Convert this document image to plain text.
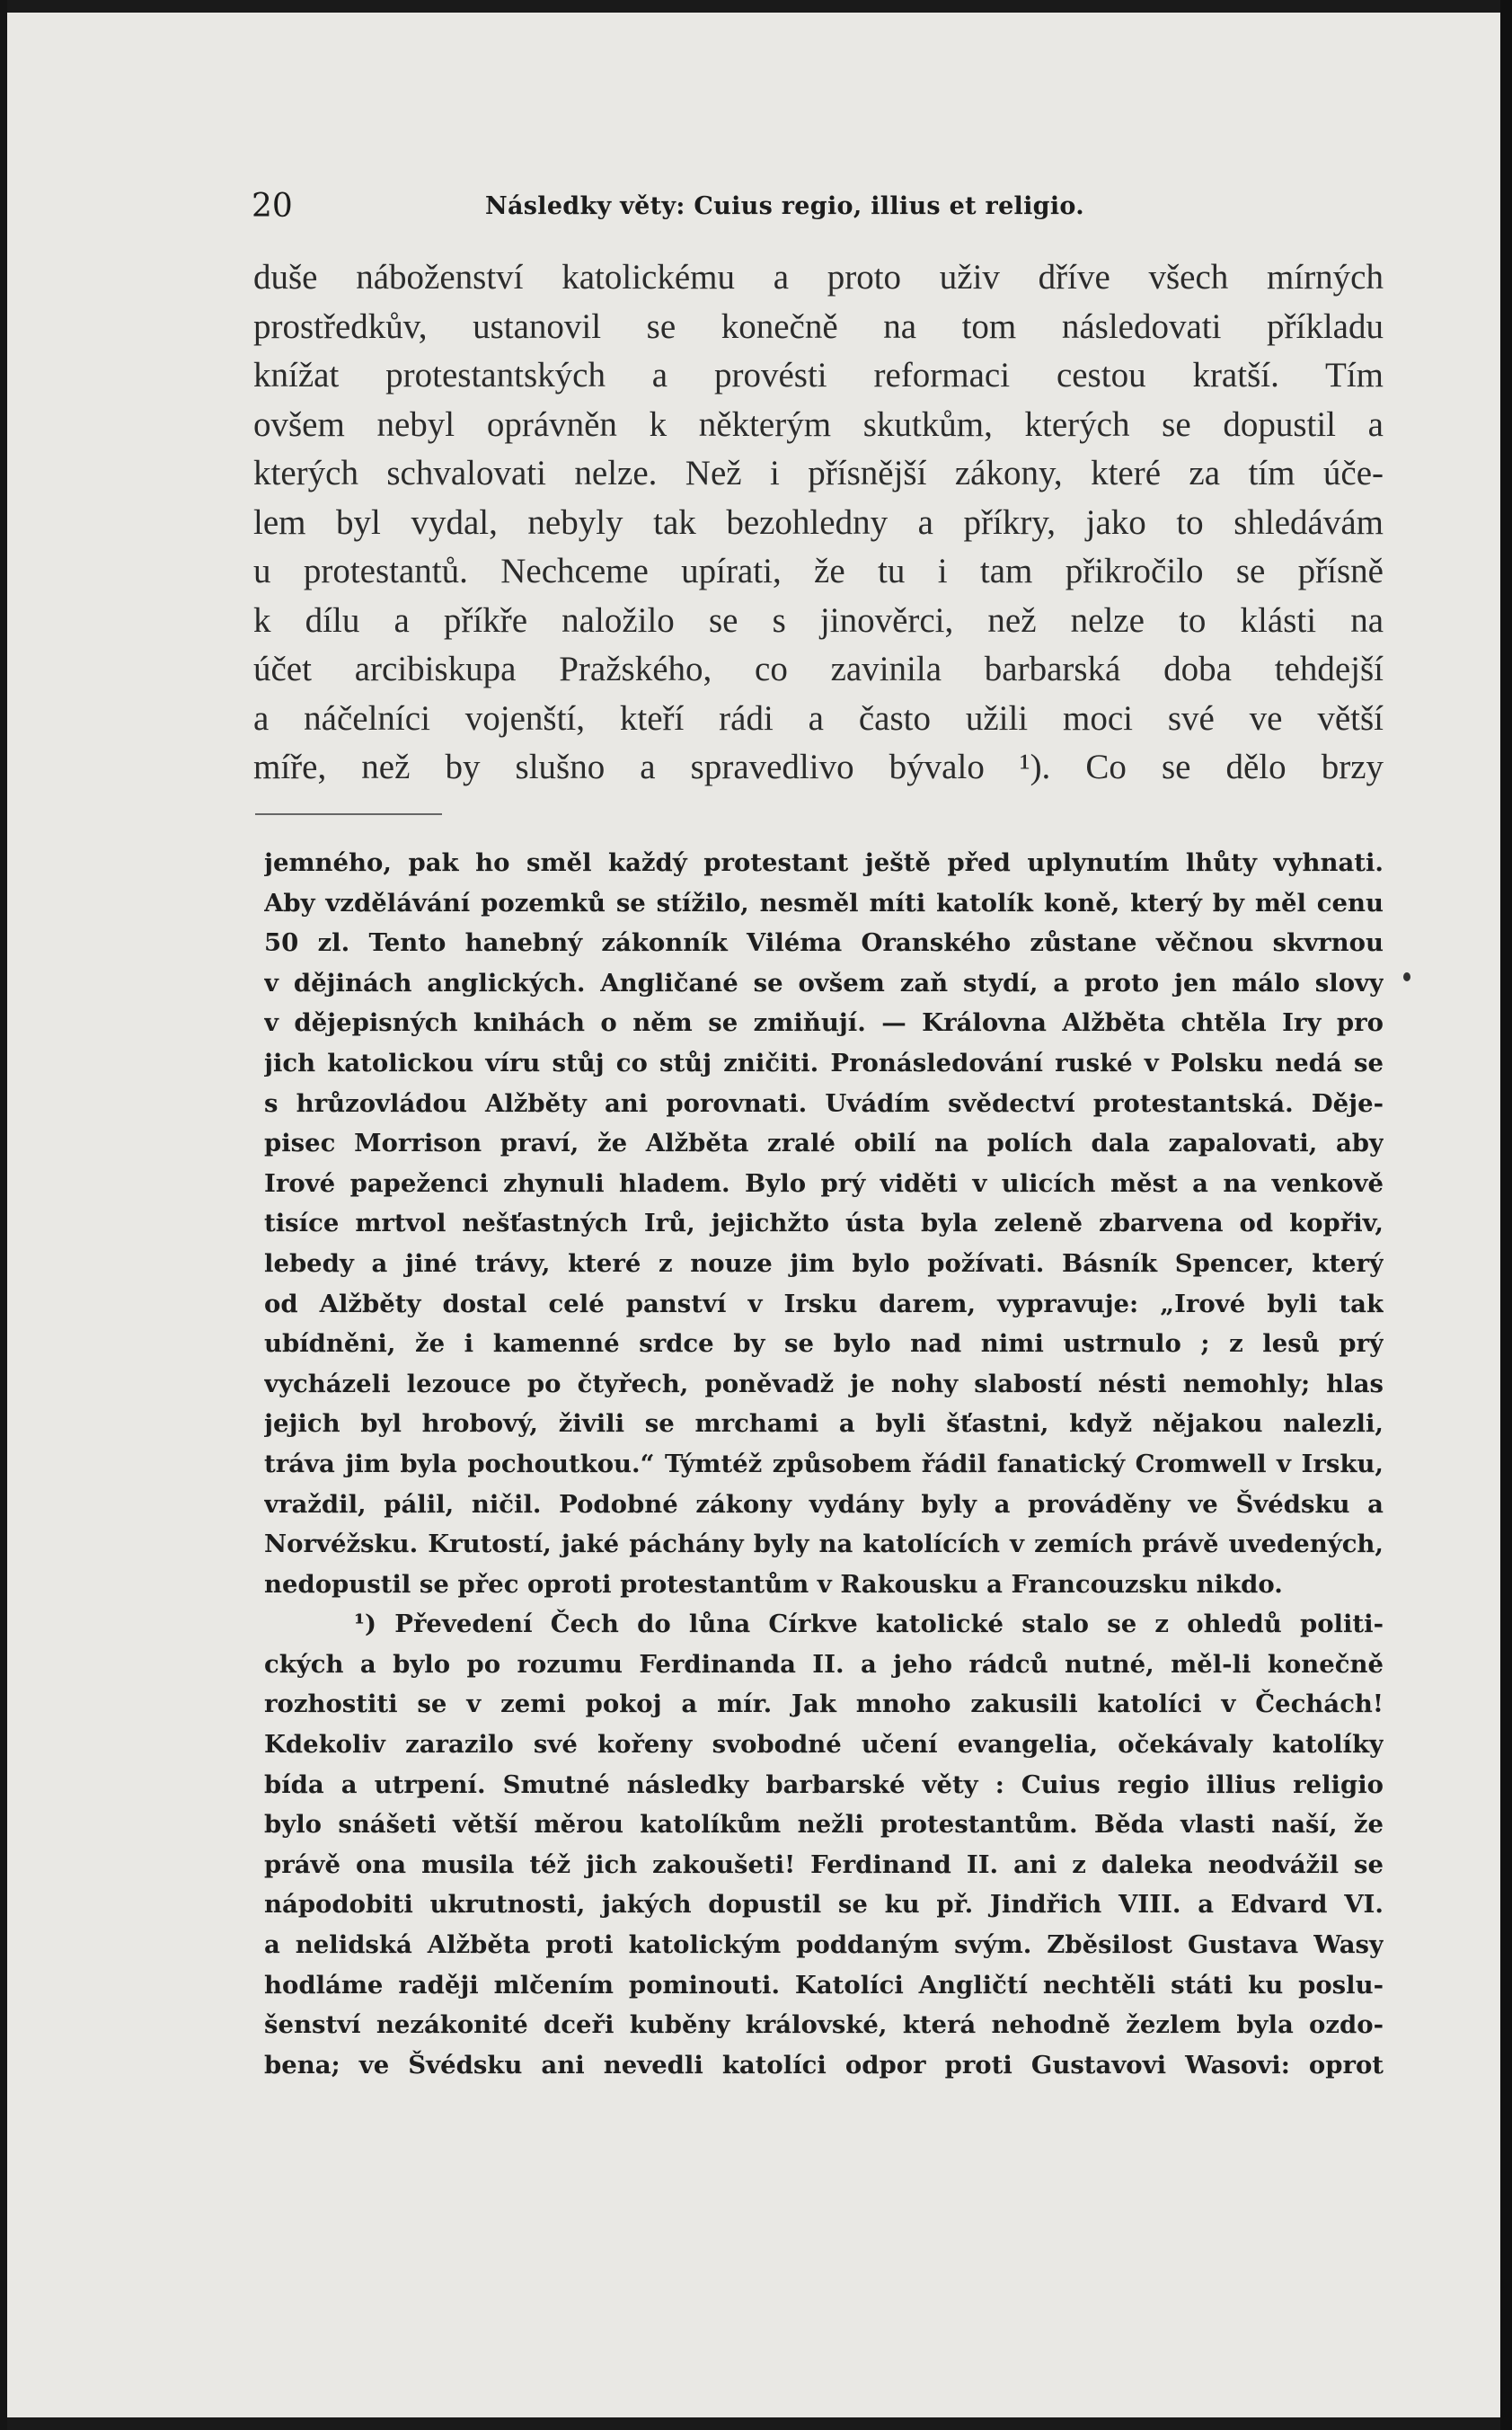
20	Následky věty: Cuius regio, illius et religio.
duše náboženství katolickému a proto uživ dříve všech mírných
prostředkův, ustanovil se konečně na tom následovati příkladu
knížat protestantských a provésti reformaci cestou kratší. Tím
ovšem nebyl oprávněn k některým skutkům, kterých se dopustil a
kterých schvalovati nelze. Než i přísnější zákony, které za tím úče-
lem byl vydal, nebyly tak bezohledny a příkry, jako to shledávám
u protestantů. Nechceme upírati, že tu i tam přikročilo se přísně
k dílu a příkře naložilo se s jinověrci, než nelze to klásti na
účet arcibiskupa Pražského, co zavinila barbarská doba tehdejší
a náčelníci vojenští, kteří rádi a často užili moci své ve větší
míře, než by slušno a spravedlivo bývalo ¹). Co se dělo brzy
jemného, pak ho směl každý protestant ještě před uplynutím lhůty vyhnati.
Aby vzdělávání pozemků se stížilo, nesměl míti katolík koně, který by měl cenu
50 zl. Tento hanebný zákonník Viléma Oranského zůstane věčnou skvrnou
v dějinách anglických. Angličané se ovšem zaň stydí, a proto jen málo slovy
v dějepisných knihách o něm se zmiňují. — Královna Alžběta chtěla Iry pro
jich katolickou víru stůj co stůj zničiti. Pronásledování ruské v Polsku nedá se
s hrůzovládou Alžběty ani porovnati. Uvádím svědectví protestantská. Děje-
pisec Morrison praví, že Alžběta zralé obilí na polích dala zapalovati, aby
Irové papeženci zhynuli hladem. Bylo prý viděti v ulicích měst a na venkově
tisíce mrtvol nešťastných Irů, jejichžto ústa byla zeleně zbarvena od kopřiv,
lebedy a jiné trávy, které z nouze jim bylo požívati. Básník Spencer, který
od Alžběty dostal celé panství v Irsku darem, vypravuje: „Irové byli tak
ubídněni, že i kamenné srdce by se bylo nad nimi ustrnulo ; z lesů prý
vycházeli lezouce po čtyřech, poněvadž je nohy slabostí nésti nemohly; hlas
jejich byl hrobový, živili se mrchami a byli šťastni, když nějakou nalezli,
tráva jim byla pochoutkou.“ Týmtéž způsobem řádil fanatický Cromwell v Irsku,
vraždil, pálil, ničil. Podobné zákony vydány byly a prováděny ve Švédsku a
Norvéžsku. Krutostí, jaké páchány byly na katolících v zemích právě uvedených,
nedopustil se přec oproti protestantům v Rakousku a Francouzsku nikdo.
¹) Převedení Čech do lůna Církve katolické stalo se z ohledů politi-
ckých a bylo po rozumu Ferdinanda II. a jeho rádců nutné, měl-li konečně
rozhostiti se v zemi pokoj a mír. Jak mnoho zakusili katolíci v Čechách!
Kdekoliv zarazilo své kořeny svobodné učení evangelia, očekávaly katolíky
bída a utrpení. Smutné následky barbarské věty : Cuius regio illius religio
bylo snášeti větší měrou katolíkům nežli protestantům. Běda vlasti naší, že
právě ona musila též jich zakoušeti! Ferdinand II. ani z daleka neodvážil se
nápodobiti ukrutnosti, jakých dopustil se ku př. Jindřich VIII. a Edvard VI.
a nelidská Alžběta proti katolickým poddaným svým. Zběsilost Gustava Wasy
hodláme raději mlčením pominouti. Katolíci Angličtí nechtěli státi ku poslu-
šenství nezákonité dceři kuběny královské, která nehodně žezlem byla ozdo-
bena; ve Švédsku ani nevedli katolíci odpor proti Gustavovi Wasovi: oprot
